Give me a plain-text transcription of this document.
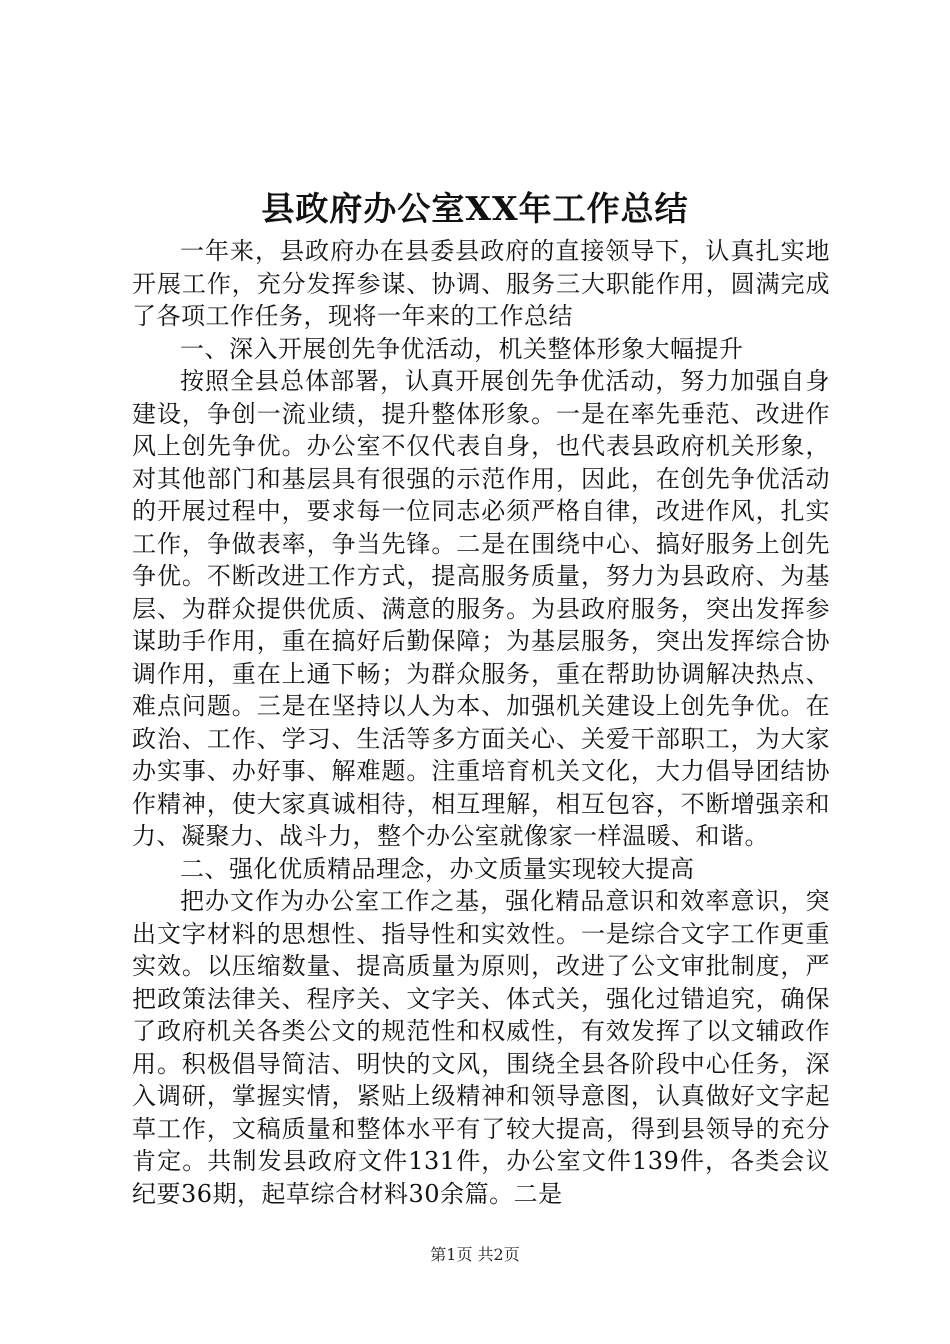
县政府办公室XX年工作总结

一年来，县政府办在县委县政府的直接领导下，认真扎实地开展工作，充分发挥参谋、协调、服务三大职能作用，圆满完成了各项工作任务，现将一年来的工作总结

一、深入开展创先争优活动，机关整体形象大幅提升

按照全县总体部署，认真开展创先争优活动，努力加强自身建设，争创一流业绩，提升整体形象。一是在率先垂范、改进作风上创先争优。办公室不仅代表自身，也代表县政府机关形象，对其他部门和基层具有很强的示范作用，因此，在创先争优活动的开展过程中，要求每一位同志必须严格自律，改进作风，扎实工作，争做表率，争当先锋。二是在围绕中心、搞好服务上创先争优。不断改进工作方式，提高服务质量，努力为县政府、为基层、为群众提供优质、满意的服务。为县政府服务，突出发挥参谋助手作用，重在搞好后勤保障；为基层服务，突出发挥综合协调作用，重在上通下畅；为群众服务，重在帮助协调解决热点、难点问题。三是在坚持以人为本、加强机关建设上创先争优。在政治、工作、学习、生活等多方面关心、关爱干部职工，为大家办实事、办好事、解难题。注重培育机关文化，大力倡导团结协作精神，使大家真诚相待，相互理解，相互包容，不断增强亲和力、凝聚力、战斗力，整个办公室就像家一样温暖、和谐。

二、强化优质精品理念，办文质量实现较大提高

把办文作为办公室工作之基，强化精品意识和效率意识，突出文字材料的思想性、指导性和实效性。一是综合文字工作更重实效。以压缩数量、提高质量为原则，改进了公文审批制度，严把政策法律关、程序关、文字关、体式关，强化过错追究，确保了政府机关各类公文的规范性和权威性，有效发挥了以文辅政作用。积极倡导简洁、明快的文风，围绕全县各阶段中心任务，深入调研，掌握实情，紧贴上级精神和领导意图，认真做好文字起草工作，文稿质量和整体水平有了较大提高，得到县领导的充分肯定。共制发县政府文件131件，办公室文件139件，各类会议纪要36期，起草综合材料30余篇。二是

第1页 共2页
